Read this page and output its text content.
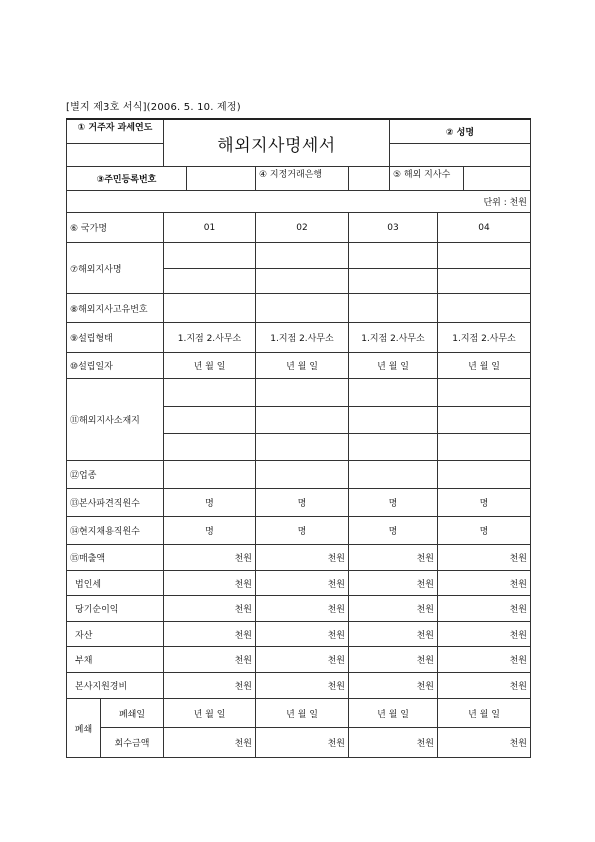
[별지 제3호 서식](2006. 5. 10. 제정)
① 거주자 과세연도		해외지사명세서				② 성명		

③주민등록번호				④ 지정거래은행		⑤ 해외 지사수		
단위 : 천원								
⑥ 국가명		01		02	03		04	
⑦해외지사명								

⑧해외지사고유번호								
⑨설립형태		1.지점 2.사무소		1.지점 2.사무소	1.지점 2.사무소		1.지점 2.사무소	
⑩설립일자		년 월 일		년 월 일	년 월 일		년 월 일	
⑪해외지사소재지								

⑫업종								
⑬본사파견직원수		명		명	명		명	
⑭현지채용직원수		명		명	명		명	
⑮매출액		천원		천원	천원		천원	
법인세		천원		천원	천원		천원	
당기순이익		천원		천원	천원		천원	
자산		천원		천원	천원		천원	
부채		천원		천원	천원		천원	
본사지원경비		천원		천원	천원		천원	
폐쇄	폐쇄일	년 월 일		년 월 일	년 월 일		년 월 일	
	회수금액	천원		천원	천원		천원	
